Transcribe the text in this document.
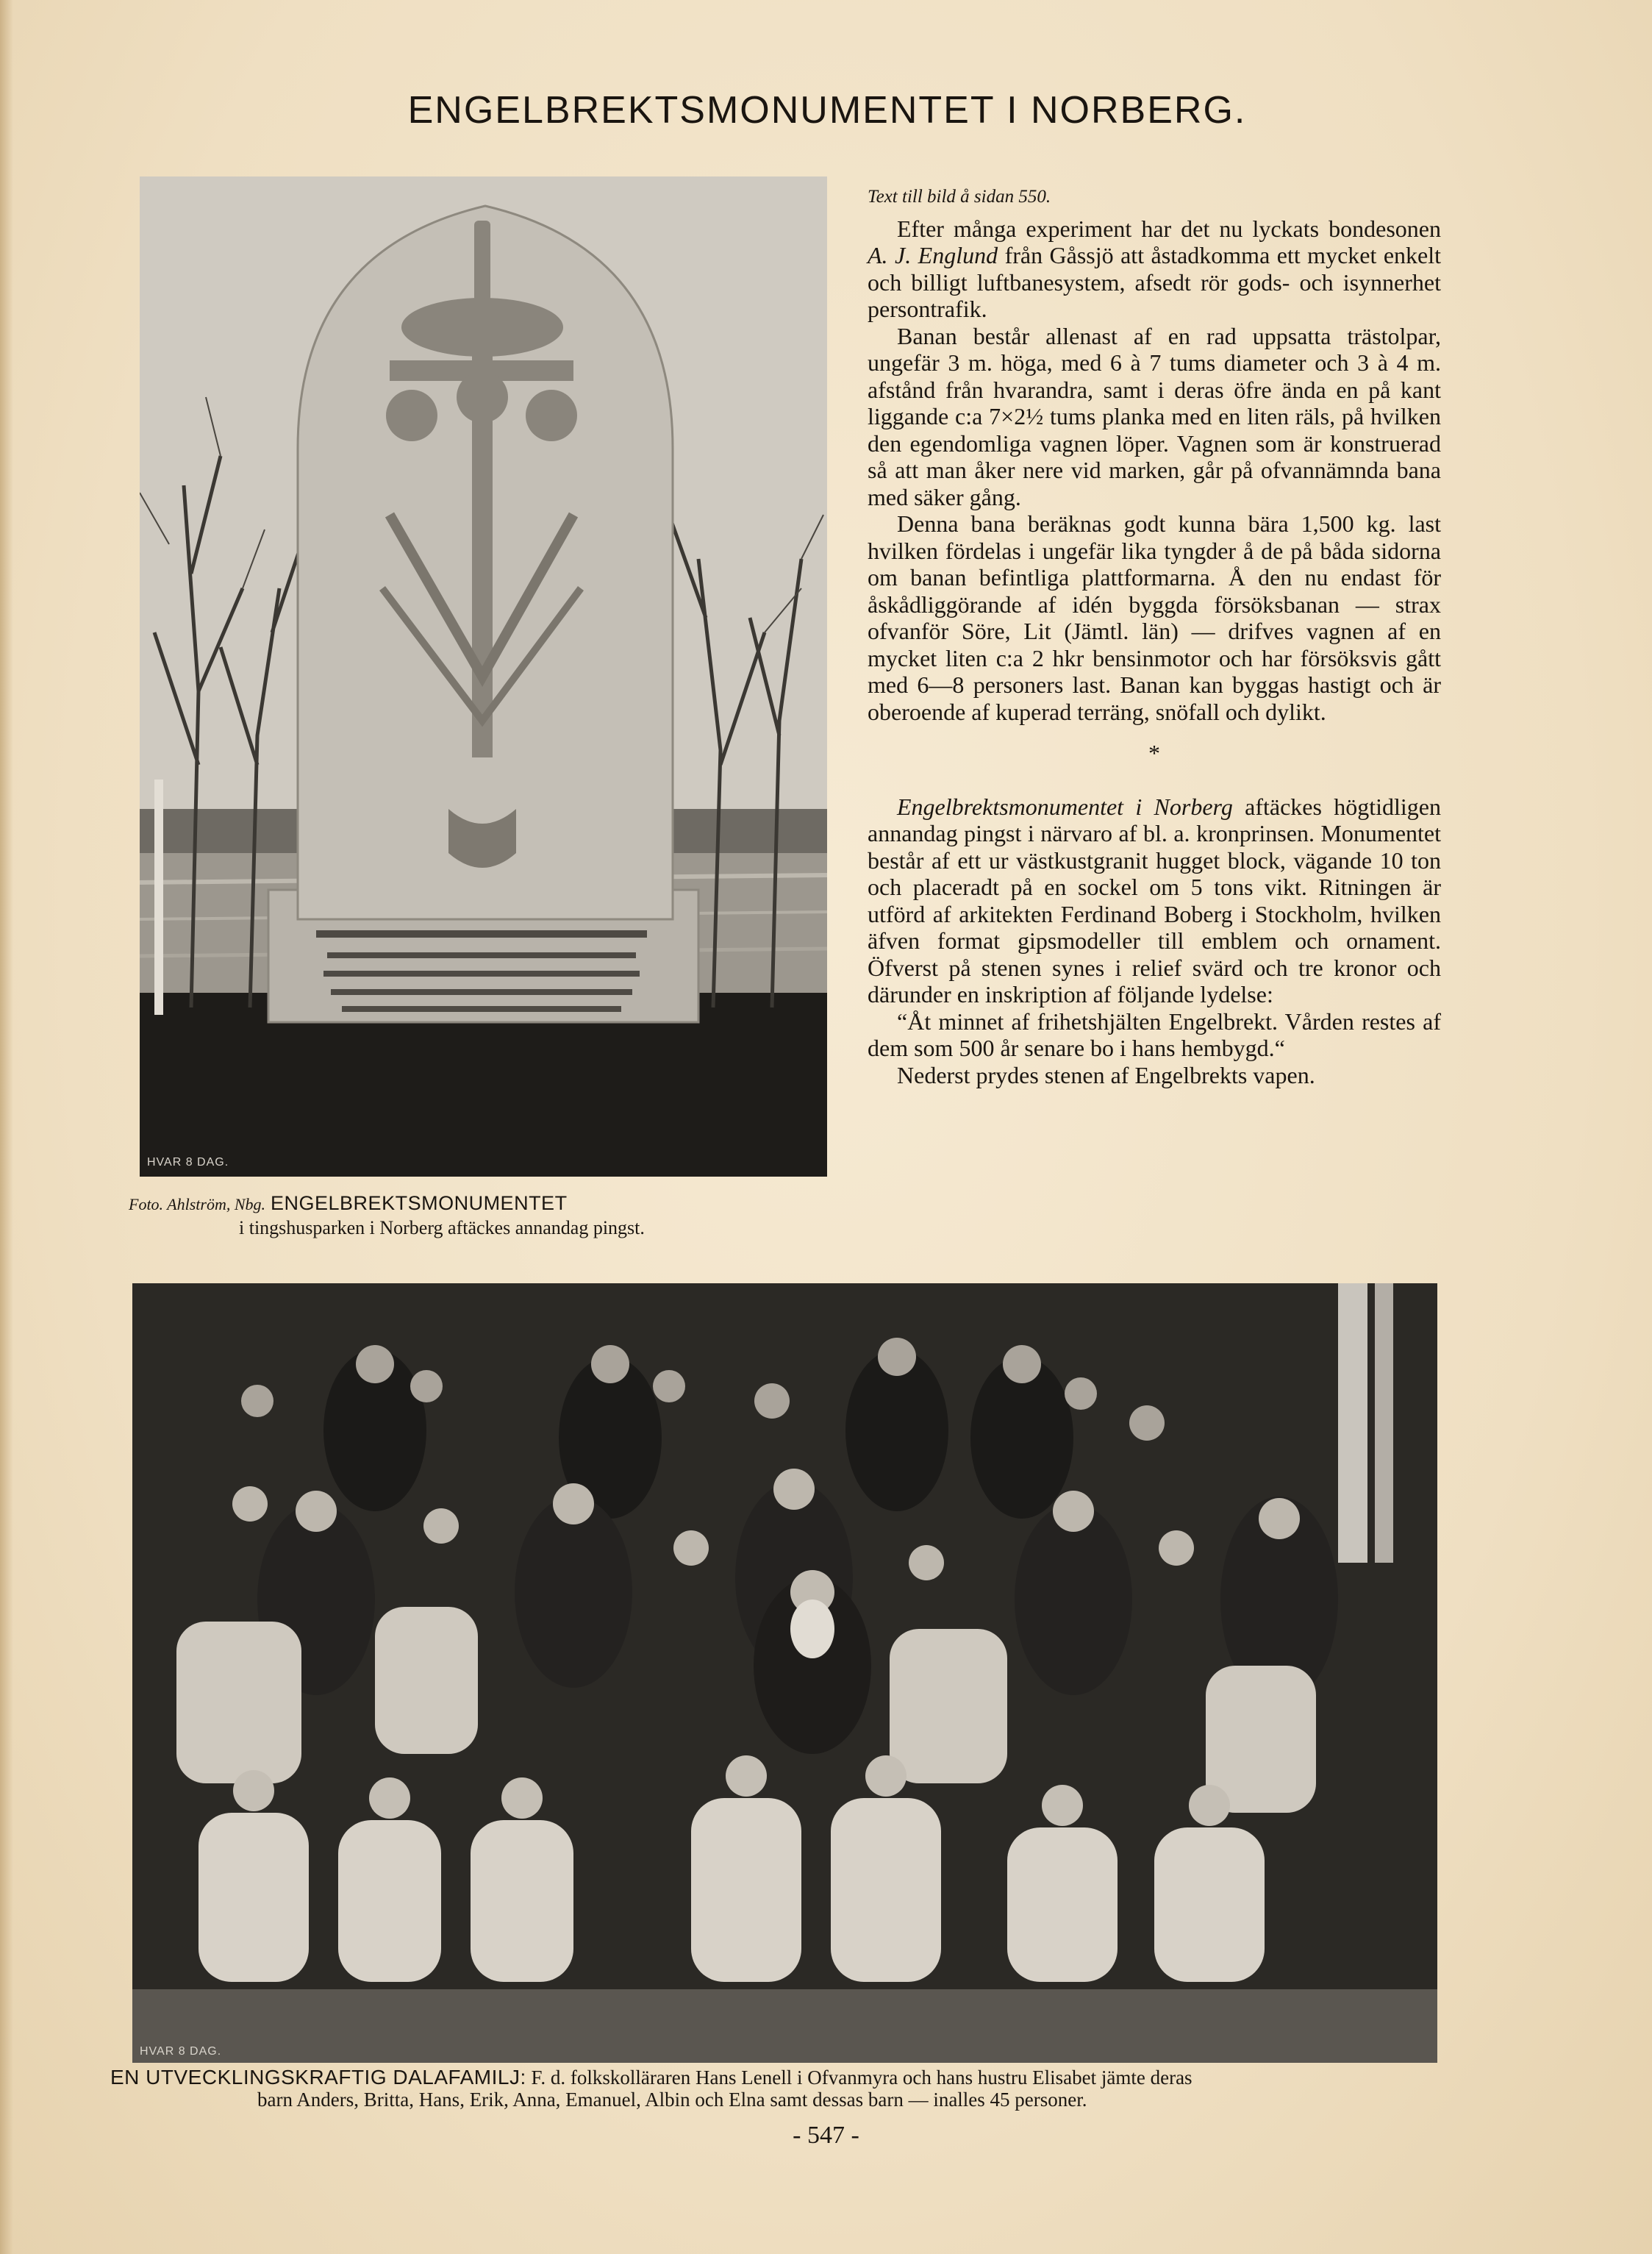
ENGELBREKTSMONUMENTET I NORBERG.
HVAR 8 DAG.
Foto. Ahlström, Nbg. ENGELBREKTSMONUMENTET
i tingshusparken i Norberg aftäckes annandag pingst.

Text till bild å sidan 550.

Efter många experiment har det nu lyckats bondesonen A. J. Englund från Gåssjö att åstadkomma ett mycket enkelt och billigt luftbanesystem, afsedt rör gods- och isynnerhet persontrafik.

Banan består allenast af en rad uppsatta trästolpar, ungefär 3 m. höga, med 6 à 7 tums diameter och 3 à 4 m. afstånd från hvarandra, samt i deras öfre ända en på kant liggande c:a 7×2½ tums planka med en liten räls, på hvilken den egendomliga vagnen löper. Vagnen som är konstruerad så att man åker nere vid marken, går på ofvannämnda bana med säker gång.

Denna bana beräknas godt kunna bära 1,500 kg. last hvilken fördelas i ungefär lika tyngder å de på båda sidorna om banan befintliga plattformarna. Å den nu endast för åskådliggörande af idén byggda försöksbanan — strax ofvanför Söre, Lit (Jämtl. län) — drifves vagnen af en mycket liten c:a 2 hkr bensinmotor och har försöksvis gått med 6—8 personers last. Banan kan byggas hastigt och är oberoende af kuperad terräng, snöfall och dylikt.

*

Engelbrektsmonumentet i Norberg aftäckes högtidligen annandag pingst i närvaro af bl. a. kronprinsen. Monumentet består af ett ur västkustgranit hugget block, vägande 10 ton och placeradt på en sockel om 5 tons vikt. Ritningen är utförd af arkitekten Ferdinand Boberg i Stockholm, hvilken äfven format gipsmodeller till emblem och ornament. Öfverst på stenen synes i relief svärd och tre kronor och därunder en inskription af följande lydelse:

“Åt minnet af frihetshjälten Engelbrekt. Vården restes af dem som 500 år senare bo i hans hembygd.“

Nederst prydes stenen af Engelbrekts vapen.

HVAR 8 DAG.
EN UTVECKLINGSKRAFTIG DALAFAMILJ: F. d. folkskolläraren Hans Lenell i Ofvanmyra och hans hustru Elisabet jämte deras
barn Anders, Britta, Hans, Erik, Anna, Emanuel, Albin och Elna samt dessas barn — inalles 45 personer.
- 547 -
